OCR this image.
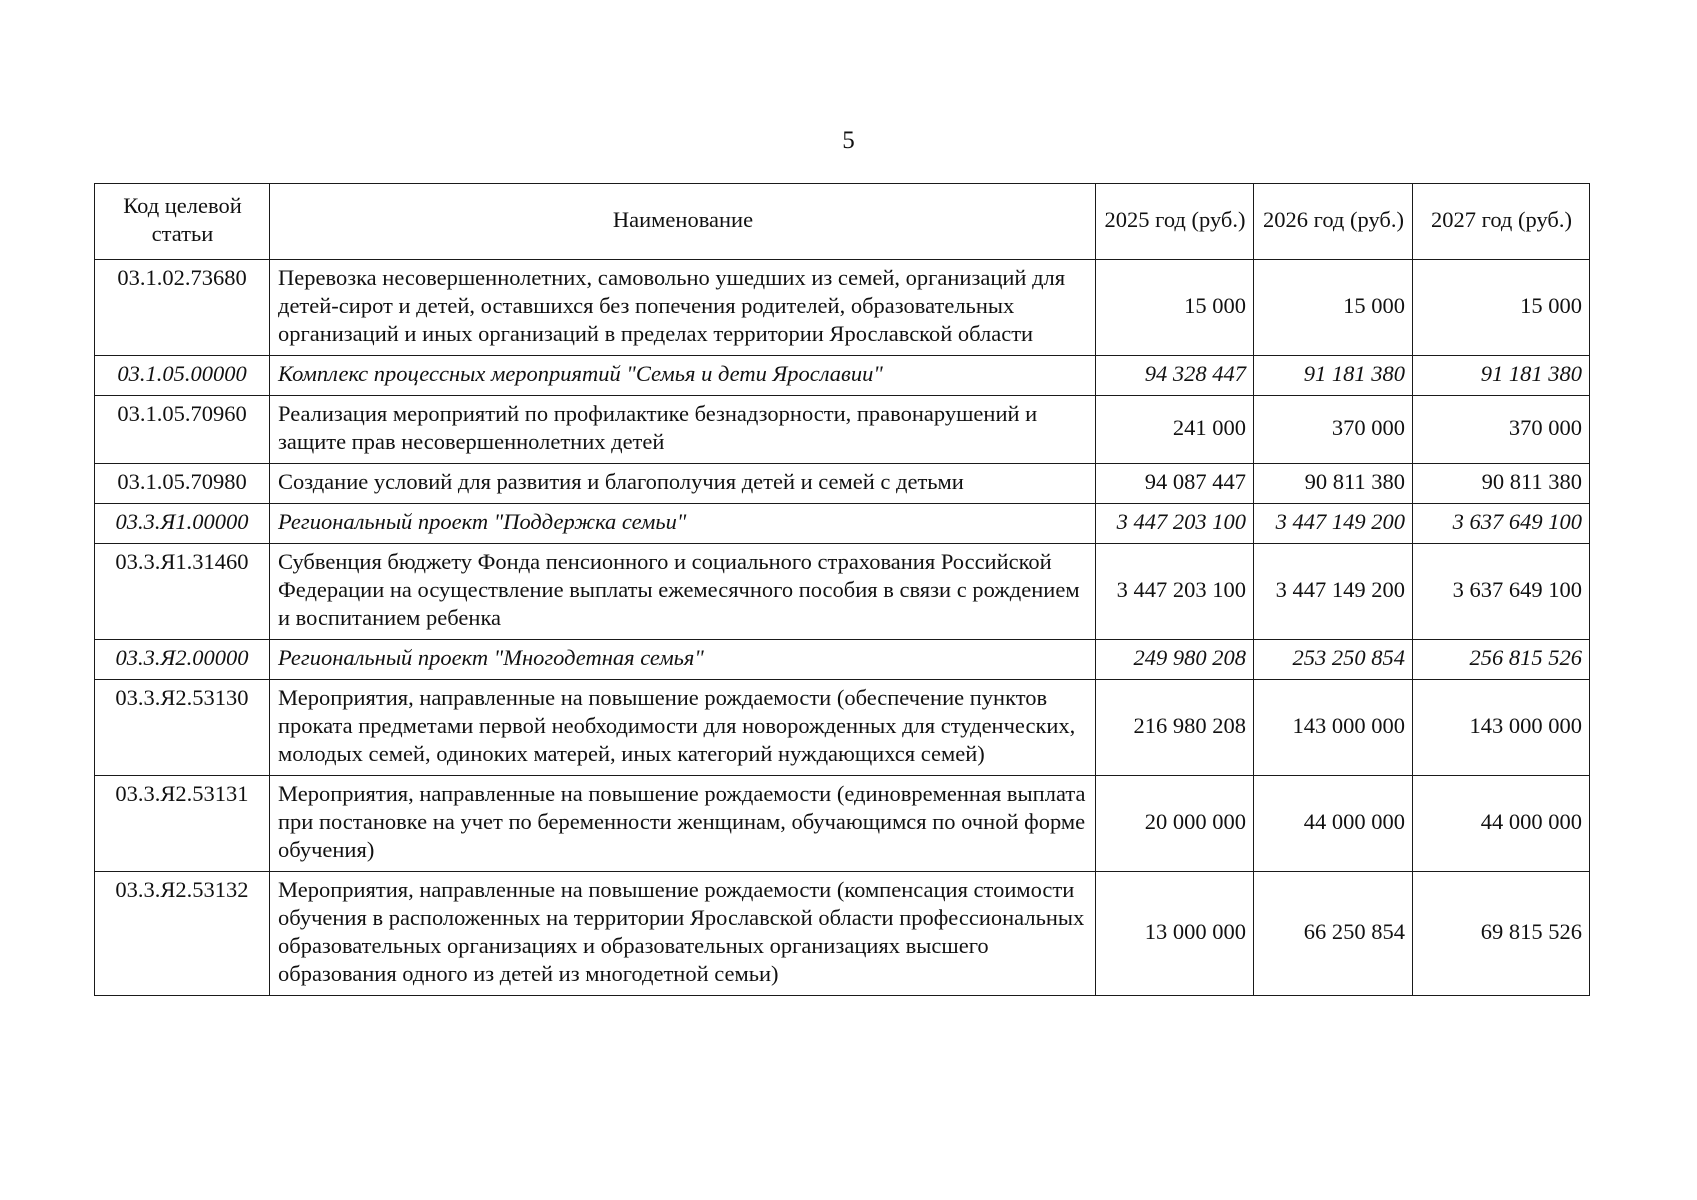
5
Код целевой статьи	Наименование	2025 год (руб.)	2026 год (руб.)	2027 год (руб.)
03.1.02.73680	Перевозка несовершеннолетних, самовольно ушедших из семей, организаций для детей-сирот и детей, оставшихся без попечения родителей, образовательных организаций и иных организаций в пределах территории Ярославской области	15 000	15 000	15 000
03.1.05.00000	Комплекс процессных мероприятий "Семья и дети Ярославии"	94 328 447	91 181 380	91 181 380
03.1.05.70960	Реализация мероприятий по профилактике безнадзорности, правонарушений и защите прав несовершеннолетних детей	241 000	370 000	370 000
03.1.05.70980	Создание условий для развития и благополучия детей и семей с детьми	94 087 447	90 811 380	90 811 380
03.3.Я1.00000	Региональный проект "Поддержка семьи"	3 447 203 100	3 447 149 200	3 637 649 100
03.3.Я1.31460	Субвенция бюджету Фонда пенсионного и социального страхования Российской Федерации на осуществление выплаты ежемесячного пособия в связи с рождением и воспитанием ребенка	3 447 203 100	3 447 149 200	3 637 649 100
03.3.Я2.00000	Региональный проект "Многодетная семья"	249 980 208	253 250 854	256 815 526
03.3.Я2.53130	Мероприятия, направленные на повышение рождаемости (обеспечение пунктов проката предметами первой необходимости для новорожденных для студенческих, молодых семей, одиноких матерей, иных категорий нуждающихся семей)	216 980 208	143 000 000	143 000 000
03.3.Я2.53131	Мероприятия, направленные на повышение рождаемости (единовременная выплата при постановке на учет по беременности женщинам, обучающимся по очной форме обучения)	20 000 000	44 000 000	44 000 000
03.3.Я2.53132	Мероприятия, направленные на повышение рождаемости (компенсация стоимости обучения в расположенных на территории Ярославской области профессиональных образовательных организациях и образовательных организациях высшего образования одного из детей из многодетной семьи)	13 000 000	66 250 854	69 815 526
